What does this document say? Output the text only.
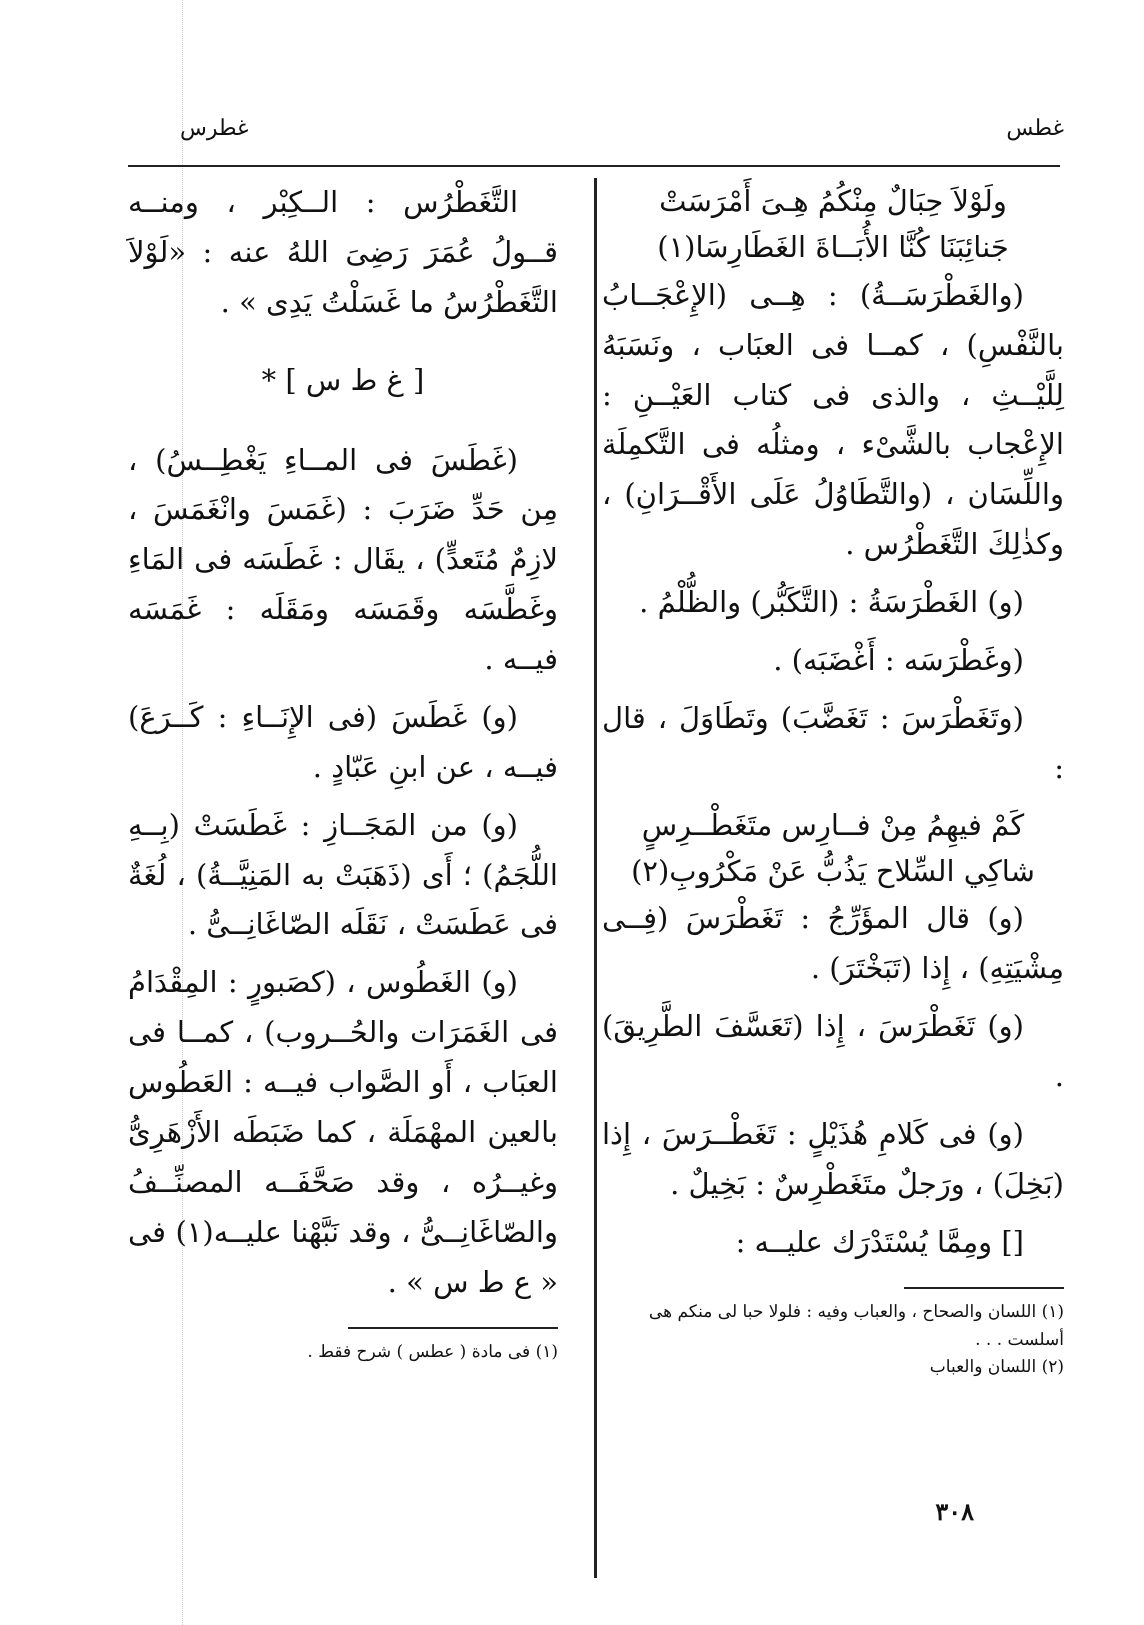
غطس
غطرس

ولَوْلاَ حِبَالٌ مِنْكُمُ هِـىَ أَمْرَسَتْ
جَنائِبَنَا كُنَّا الأُبَــاةَ الغَطَارِسَا(١)

(والغَطْرَسَــةُ) : هِــى (الإِعْجَــابُ بالنَّفْسِ) ، كمــا فى العبَاب ، ونَسَبَهُ لِلَّيْــثِ ، والذى فى كتاب العَيْــنِ : الإِعْجاب بالشَّىْء ، ومثلُه فى التَّكمِلَة واللِّسَان ، (والتَّطَاوُلُ عَلَى الأَقْــرَانِ) ، وكذٰلِكَ التَّغَطْرُس .

(و) الغَطْرَسَةُ : (التَّكَبُّر) والظُّلْمُ .

(وغَطْرَسَه : أَغْضَبَه) .

(وتَغَطْرَسَ : تَغَضَّبَ) وتَطَاوَلَ ، قال :

كَمْ فيهِمُ مِنْ فــارِس متَغَطْــرِسٍ
شاكِي السِّلاح يَذُبُّ عَنْ مَكْرُوبِ(٢)

(و) قال المؤَرِّجُ : تَغَطْرَسَ (فِــى مِشْيَتِهِ) ، إِذا (تَبَخْتَرَ) .

(و) تَغَطْرَسَ ، إِذا (تَعَسَّفَ الطَّرِيقَ) .

(و) فى كَلامِ هُذَيْلٍ : تَغَطْــرَسَ ، إِذا (بَخِلَ) ، ورَجلٌ متَغَطْرِسٌ : بَخِيلٌ .

[] ومِمَّا يُسْتَدْرَك عليــه :

(١) اللسان والصحاح ، والعباب وفيه : فلولا حبا لى منكم هى أسلست . . .

(٢) اللسان والعباب

التَّغَطْرُس : الــكِبْر ، ومنــه قــولُ عُمَرَ رَضِىَ اللهُ عنه : «لَوْلاَ التَّغَطْرُسُ ما غَسَلْتُ يَدِى » .

[ غ ط س ] *

(غَطَسَ فى المــاءِ يَغْطِــسُ) ، مِن حَدِّ ضَرَبَ : (غَمَسَ وانْغَمَسَ ، لازِمٌ مُتَعدٍّ) ، يقَال : غَطَسَه فى المَاءِ وغَطَّسَه وقَمَسَه ومَقَلَه : غَمَسَه فيــه .

(و) غَطَسَ (فى الإِنَــاءِ : كَــرَعَ) فيــه ، عن ابنِ عَبّادٍ .

(و) من المَجَــازِ : غَطَسَتْ (بِــهِ اللُّجَمُ) ؛ أَى (ذَهَبَتْ به المَنِيَّــةُ) ، لُغَةٌ فى عَطَسَتْ ، نَقَلَه الصّاغَانِــىُّ .

(و) الغَطُوس ، (كصَبورٍ : المِقْدَامُ فى الغَمَرَات والحُــروب) ، كمــا فى العبَاب ، أَو الصَّواب فيــه : العَطُوس بالعين المهْمَلَة ، كما ضَبَطَه الأَزْهَرِىُّ وغيــرُه ، وقد صَحَّفَــه المصنِّــفُ والصّاغَانِــىُّ ، وقد نَبَّهْنا عليــه(١) فى « ع ط س » .

(١) فى مادة ( عطس ) شرح فقط .

٣٠٨
